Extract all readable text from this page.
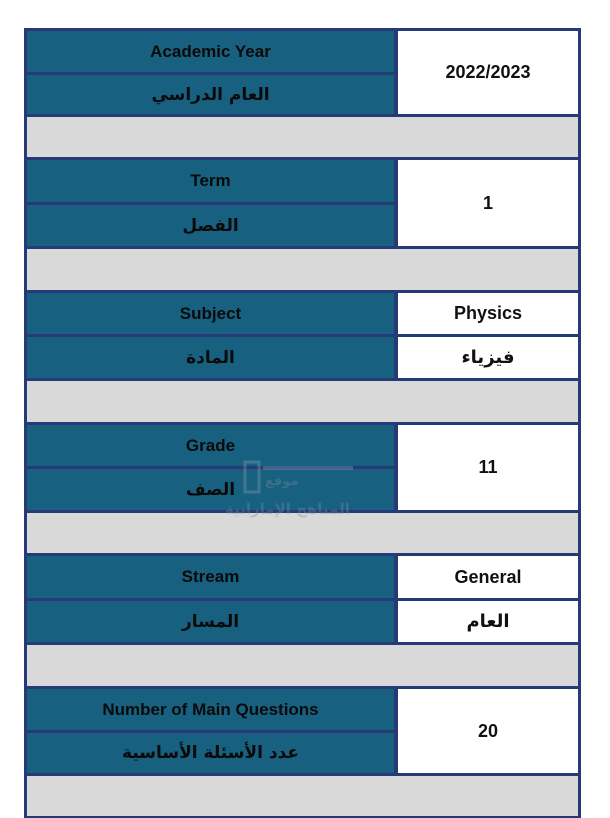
Academic Year
العام الدراسي
2022/2023
Term
الفصل
1
Subject
المادة
Physics
فيزياء
Grade
الصف
11
Stream
المسار
General
العام
Number of Main Questions
عدد الأسئلة الأساسية
20
موقع
المناهج الإماراتية
